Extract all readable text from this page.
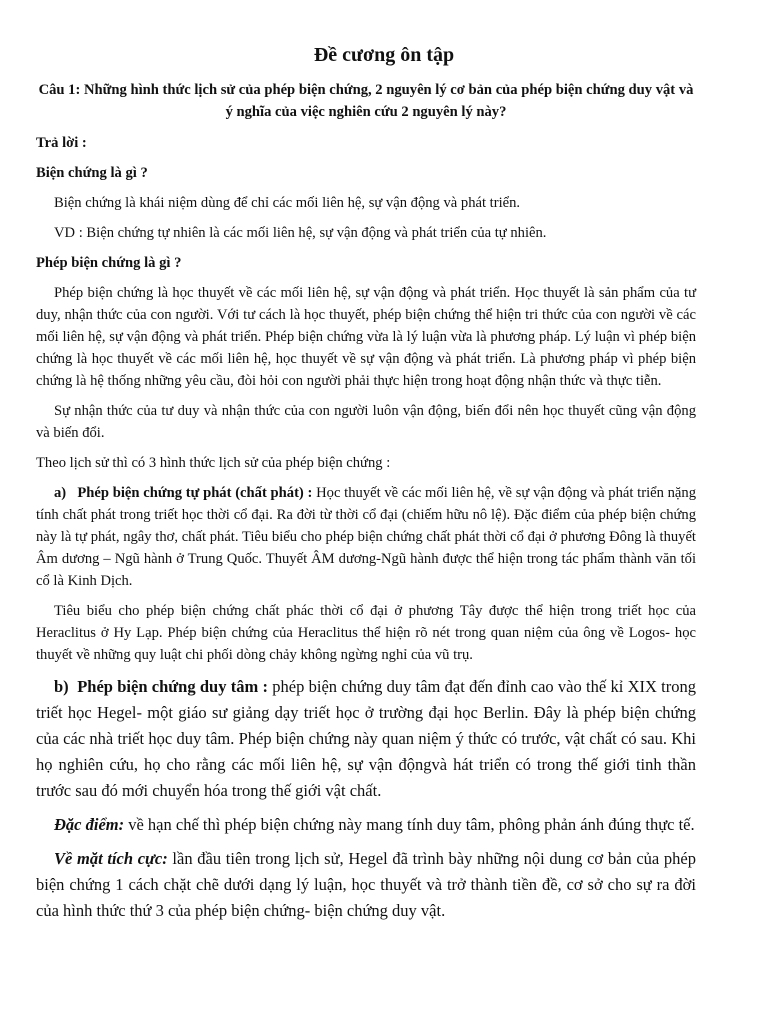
Đề cương ôn tập
Câu 1: Những hình thức lịch sử của phép biện chứng, 2 nguyên lý cơ bản của phép biện chứng duy vật và ý nghĩa của việc nghiên cứu 2 nguyên lý này?
Trả lời :
Biện chứng là gì ?

Biện chứng là khái niệm dùng để chỉ các mối liên hệ, sự vận động và phát triển.

VD : Biện chứng tự nhiên là các mối liên hệ, sự vận động và phát triển của tự nhiên.

Phép biện chứng là gì ?

Phép biện chứng là học thuyết về các mối liên hệ, sự vận động và phát triển. Học thuyết là sản phẩm của tư duy, nhận thức của con người. Với tư cách là học thuyết, phép biện chứng thể hiện tri thức của con người về các mối liên hệ, sự vận động và phát triển. Phép biện chứng vừa là lý luận vừa là phương pháp. Lý luận vì phép biện chứng là học thuyết về các mối liên hệ, học thuyết về sự vận động và phát triển. Là phương pháp vì phép biện chứng là hệ thống những yêu cầu, đòi hỏi con người phải thực hiện trong hoạt động nhận thức và thực tiễn.

Sự nhận thức của tư duy và nhận thức của con người luôn vận động, biến đổi nên học thuyết cũng vận động và biến đổi.

Theo lịch sử thì có 3 hình thức lịch sử của phép biện chứng :

a) Phép biện chứng tự phát (chất phát) : Học thuyết về các mối liên hệ, về sự vận động và phát triển nặng tính chất phát trong triết học thời cổ đại. Ra đời từ thời cổ đại (chiếm hữu nô lệ). Đặc điểm của phép biện chứng này là tự phát, ngây thơ, chất phát. Tiêu biểu cho phép biện chứng chất phát thời cổ đại ở phương Đông là thuyết Âm dương – Ngũ hành ở Trung Quốc. Thuyết ÂM dương-Ngũ hành được thể hiện trong tác phẩm thành văn tối cổ là Kinh Dịch.

Tiêu biểu cho phép biện chứng chất phác thời cổ đại ở phương Tây được thể hiện trong triết học của Heraclitus ở Hy Lạp. Phép biện chứng của Heraclitus thể hiện rõ nét trong quan niệm của ông về Logos- học thuyết về những quy luật chi phối dòng chảy không ngừng nghỉ của vũ trụ.

b) Phép biện chứng duy tâm : phép biện chứng duy tâm đạt đến đỉnh cao vào thế kỉ XIX trong triết học Hegel- một giáo sư giảng dạy triết học ở trường đại học Berlin. Đây là phép biện chứng của các nhà triết học duy tâm. Phép biện chứng này quan niệm ý thức có trước, vật chất có sau. Khi họ nghiên cứu, họ cho rằng các mối liên hệ, sự vận độngvà hát triển có trong thế giới tinh thần trước sau đó mới chuyển hóa trong thế giới vật chất.

Đặc điểm: về hạn chế thì phép biện chứng này mang tính duy tâm, phông phản ánh đúng thực tế.

Về mặt tích cực: lần đầu tiên trong lịch sử, Hegel đã trình bày những nội dung cơ bản của phép biện chứng 1 cách chặt chẽ dưới dạng lý luận, học thuyết và trở thành tiền đề, cơ sở cho sự ra đời của hình thức thứ 3 của phép biện chứng- biện chứng duy vật.
